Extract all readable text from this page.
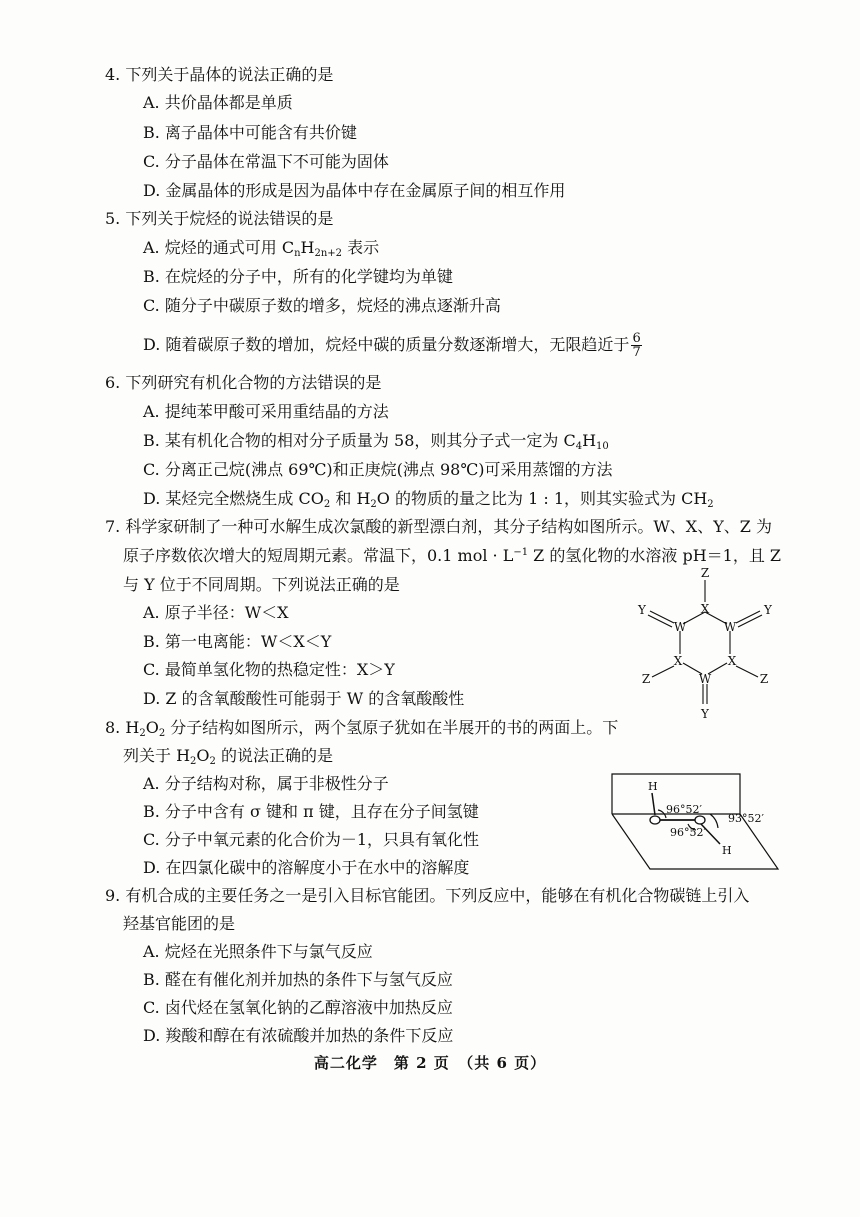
4. 下列关于晶体的说法正确的是
A. 共价晶体都是单质
B. 离子晶体中可能含有共价键
C. 分子晶体在常温下不可能为固体
D. 金属晶体的形成是因为晶体中存在金属原子间的相互作用
5. 下列关于烷烃的说法错误的是
A. 烷烃的通式可用 $C_nH_{2n+2}$ 表示
B. 在烷烃的分子中，所有的化学键均为单键
C. 随分子中碳原子数的增多，烷烃的沸点逐渐升高
D. 随着碳原子数的增加，烷烃中碳的质量分数逐渐增大，无限趋近于 $\frac{6}{7}$
6. 下列研究有机化合物的方法错误的是
A. 提纯苯甲酸可采用重结晶的方法
B. 某有机化合物的相对分子质量为 58，则其分子式一定为 $C_4H_{10}$
C. 分离正己烷(沸点 69℃)和正庚烷(沸点 98℃)可采用蒸馏的方法
D. 某烃完全燃烧生成 $CO_2$ 和 $H_2O$ 的物质的量之比为 1 : 1，则其实验式为 $CH_2$
7. 科学家研制了一种可水解生成次氯酸的新型漂白剂，其分子结构如图所示。W、X、Y、Z 为
原子序数依次增大的短周期元素。常温下，0.1 mol · $L^{-1}$ Z 的氢化物的水溶液 pH＝1，且 Z
与 Y 位于不同周期。下列说法正确的是
A. 原子半径：W＜X
B. 第一电离能：W＜X＜Y
C. 最简单氢化物的热稳定性：X＞Y
D. Z 的含氧酸酸性可能弱于 W 的含氧酸酸性
Z
X
Y	Y
W	W
X	X
Z	Z
W
Y
8. $H_2O_2$ 分子结构如图所示，两个氢原子犹如在半展开的书的两面上。下
列关于 $H_2O_2$ 的说法正确的是
A. 分子结构对称，属于非极性分子
B. 分子中含有 σ 键和 π 键，且存在分子间氢键
C. 分子中氧元素的化合价为－1，只具有氧化性
D. 在四氯化碳中的溶解度小于在水中的溶解度
H
H
96°52′
93°52′
96°52′
9. 有机合成的主要任务之一是引入目标官能团。下列反应中，能够在有机化合物碳链上引入
羟基官能团的是
A. 烷烃在光照条件下与氯气反应
B. 醛在有催化剂并加热的条件下与氢气反应
C. 卤代烃在氢氧化钠的乙醇溶液中加热反应
D. 羧酸和醇在有浓硫酸并加热的条件下反应
高二化学　第 2 页　（共 6 页）
